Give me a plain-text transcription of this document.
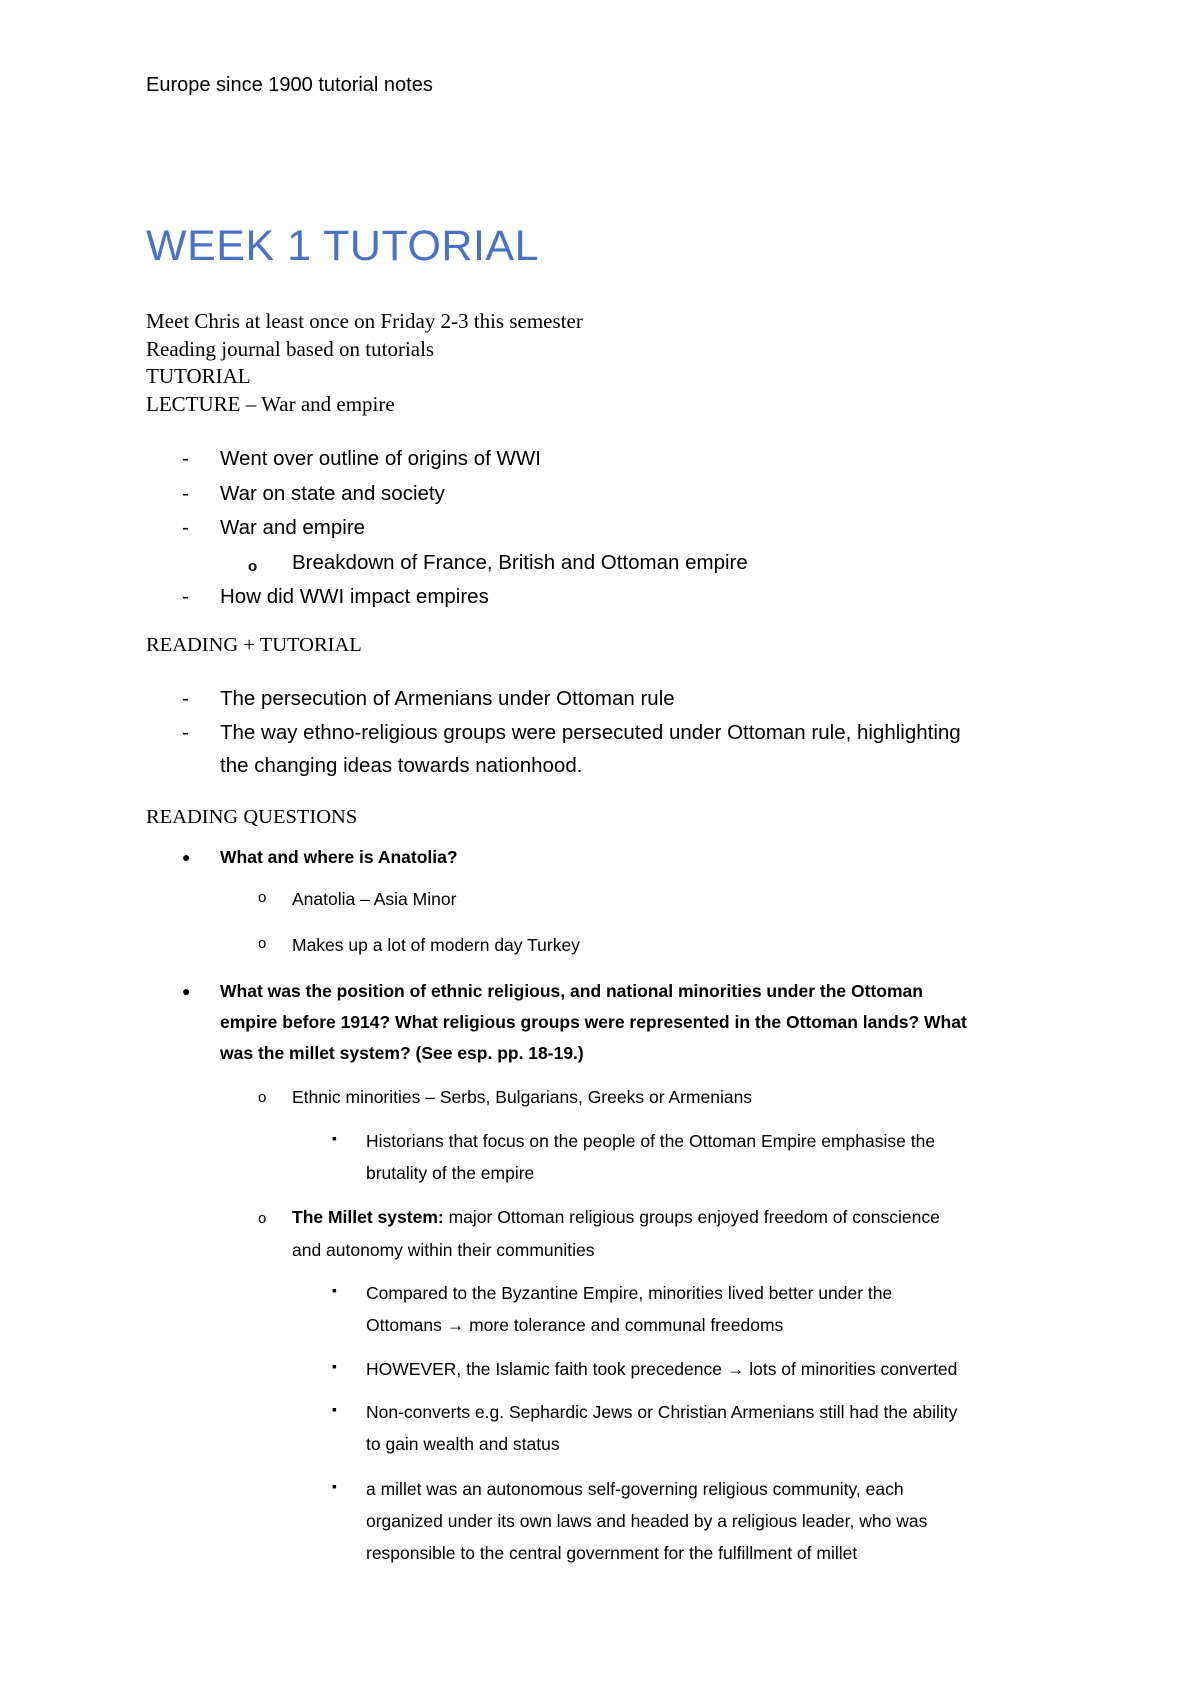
Europe since 1900 tutorial notes
WEEK 1 TUTORIAL
Meet Chris at least once on Friday 2-3 this semester
Reading journal based on tutorials
TUTORIAL
LECTURE – War and empire
- Went over outline of origins of WWI
- War on state and society
- War and empire
o Breakdown of France, British and Ottoman empire
- How did WWI impact empires
READING + TUTORIAL
- The persecution of Armenians under Ottoman rule
- The way ethno-religious groups were persecuted under Ottoman rule, highlighting
the changing ideas towards nationhood.
READING QUESTIONS
● What and where is Anatolia?
o Anatolia – Asia Minor
o Makes up a lot of modern day Turkey
● What was the position of ethnic religious, and national minorities under the Ottoman
empire before 1914? What religious groups were represented in the Ottoman lands? What
was the millet system? (See esp. pp. 18-19.)
o Ethnic minorities – Serbs, Bulgarians, Greeks or Armenians
▪ Historians that focus on the people of the Ottoman Empire emphasise the
brutality of the empire
o The Millet system: major Ottoman religious groups enjoyed freedom of conscience
and autonomy within their communities
▪ Compared to the Byzantine Empire, minorities lived better under the
Ottomans → more tolerance and communal freedoms
▪ HOWEVER, the Islamic faith took precedence → lots of minorities converted
▪ Non-converts e.g. Sephardic Jews or Christian Armenians still had the ability
to gain wealth and status
▪ a millet was an autonomous self-governing religious community, each
organized under its own laws and headed by a religious leader, who was
responsible to the central government for the fulfillment of millet
